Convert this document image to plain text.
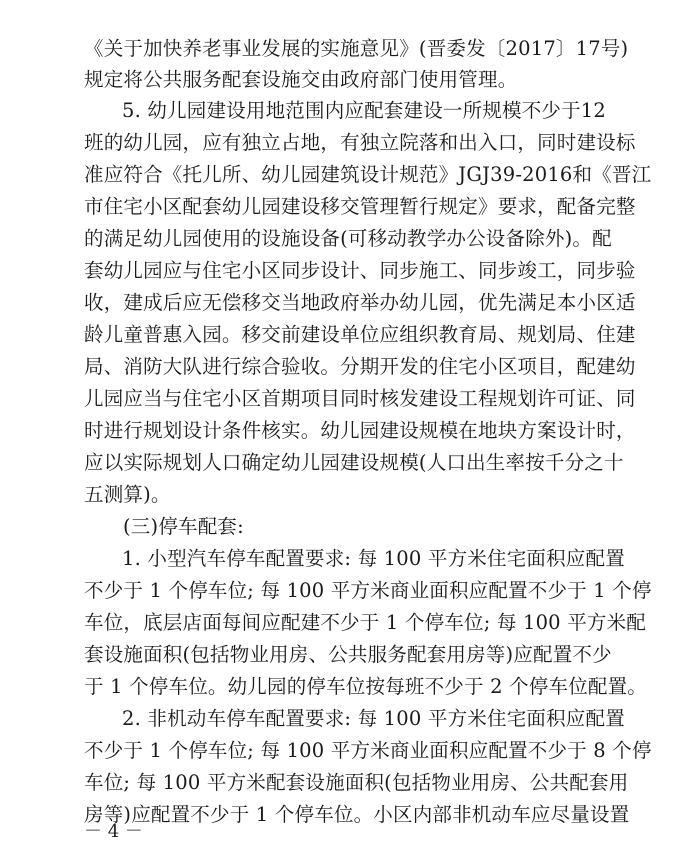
《关于加快养老事业发展的实施意见》(晋委发〔2017〕17号)
规定将公共服务配套设施交由政府部门使用管理。
5. 幼儿园建设用地范围内应配套建设一所规模不少于12
班的幼儿园，应有独立占地，有独立院落和出入口，同时建设标
准应符合《托儿所、幼儿园建筑设计规范》JGJ39-2016和《晋江
市住宅小区配套幼儿园建设移交管理暂行规定》要求，配备完整
的满足幼儿园使用的设施设备(可移动教学办公设备除外)。配
套幼儿园应与住宅小区同步设计、同步施工、同步竣工，同步验
收，建成后应无偿移交当地政府举办幼儿园，优先满足本小区适
龄儿童普惠入园。移交前建设单位应组织教育局、规划局、住建
局、消防大队进行综合验收。分期开发的住宅小区项目，配建幼
儿园应当与住宅小区首期项目同时核发建设工程规划许可证、同
时进行规划设计条件核实。幼儿园建设规模在地块方案设计时，
应以实际规划人口确定幼儿园建设规模(人口出生率按千分之十
五测算)。
(三)停车配套:
1. 小型汽车停车配置要求: 每 100 平方米住宅面积应配置
不少于 1 个停车位; 每 100 平方米商业面积应配置不少于 1 个停
车位，底层店面每间应配建不少于 1 个停车位; 每 100 平方米配
套设施面积(包括物业用房、公共服务配套用房等)应配置不少
于 1 个停车位。幼儿园的停车位按每班不少于 2 个停车位配置。
2. 非机动车停车配置要求: 每 100 平方米住宅面积应配置
不少于 1 个停车位; 每 100 平方米商业面积应配置不少于 8 个停
车位; 每 100 平方米配套设施面积(包括物业用房、公共配套用
房等)应配置不少于 1 个停车位。小区内部非机动车应尽量设置
－ 4 －
